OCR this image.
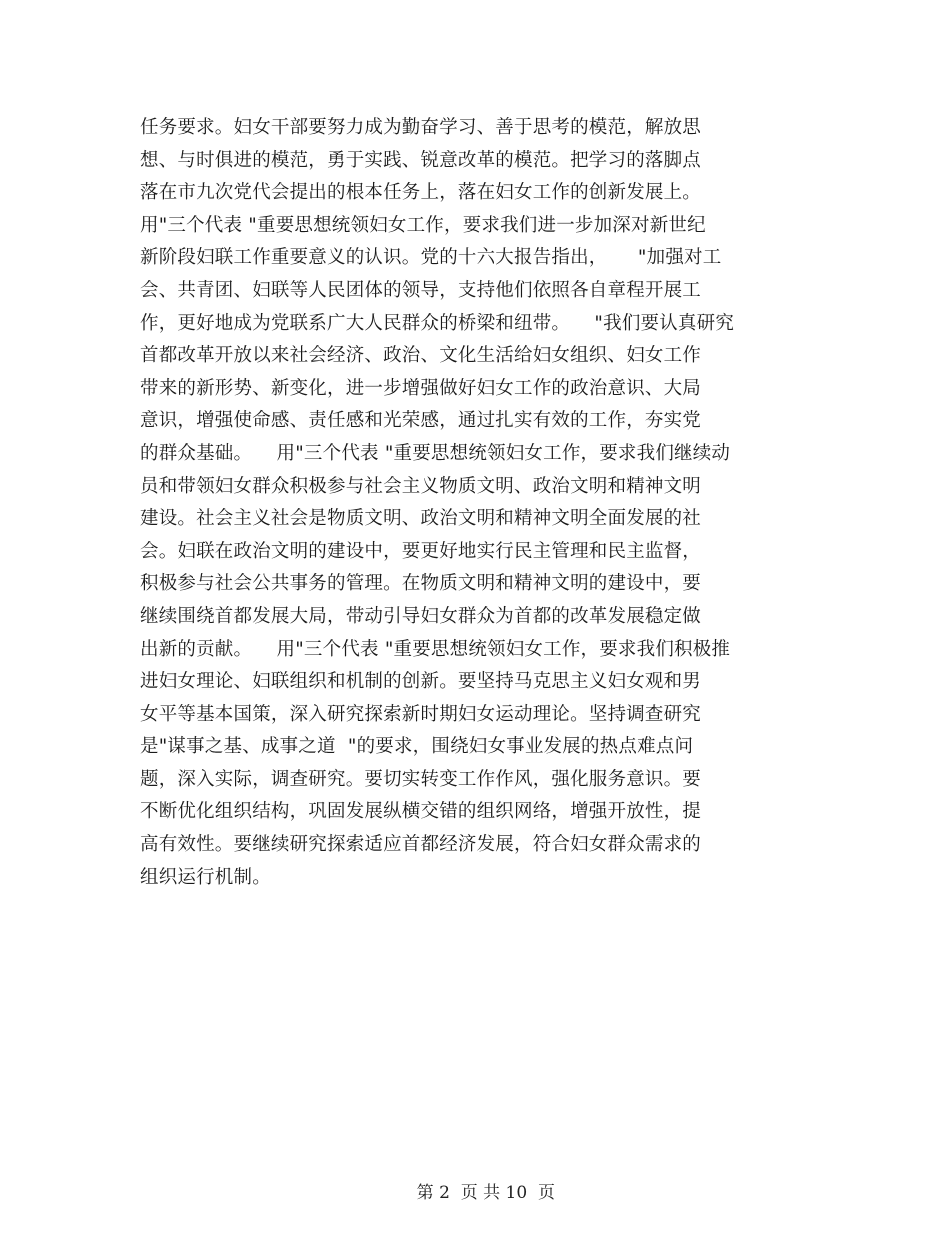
任务要求。妇女干部要努力成为勤奋学习、善于思考的模范，解放思
想、与时俱进的模范，勇于实践、锐意改革的模范。把学习的落脚点
落在市九次党代会提出的根本任务上，落在妇女工作的创新发展上。
用"三个代表 "重要思想统领妇女工作，要求我们进一步加深对新世纪
新阶段妇联工作重要意义的认识。党的十六大报告指出，     "加强对工
会、共青团、妇联等人民团体的领导，支持他们依照各自章程开展工
作，更好地成为党联系广大人民群众的桥梁和纽带。    "我们要认真研究
首都改革开放以来社会经济、政治、文化生活给妇女组织、妇女工作
带来的新形势、新变化，进一步增强做好妇女工作的政治意识、大局
意识，增强使命感、责任感和光荣感，通过扎实有效的工作，夯实党
的群众基础。    用"三个代表 "重要思想统领妇女工作，要求我们继续动
员和带领妇女群众积极参与社会主义物质文明、政治文明和精神文明
建设。社会主义社会是物质文明、政治文明和精神文明全面发展的社
会。妇联在政治文明的建设中，要更好地实行民主管理和民主监督，
积极参与社会公共事务的管理。在物质文明和精神文明的建设中，要
继续围绕首都发展大局，带动引导妇女群众为首都的改革发展稳定做
出新的贡献。    用"三个代表 "重要思想统领妇女工作，要求我们积极推
进妇女理论、妇联组织和机制的创新。要坚持马克思主义妇女观和男
女平等基本国策，深入研究探索新时期妇女运动理论。坚持调查研究
是"谋事之基、成事之道  "的要求，围绕妇女事业发展的热点难点问
题，深入实际，调查研究。要切实转变工作作风，强化服务意识。要
不断优化组织结构，巩固发展纵横交错的组织网络，增强开放性，提
高有效性。要继续研究探索适应首都经济发展，符合妇女群众需求的
组织运行机制。

第 2  页 共 10  页
